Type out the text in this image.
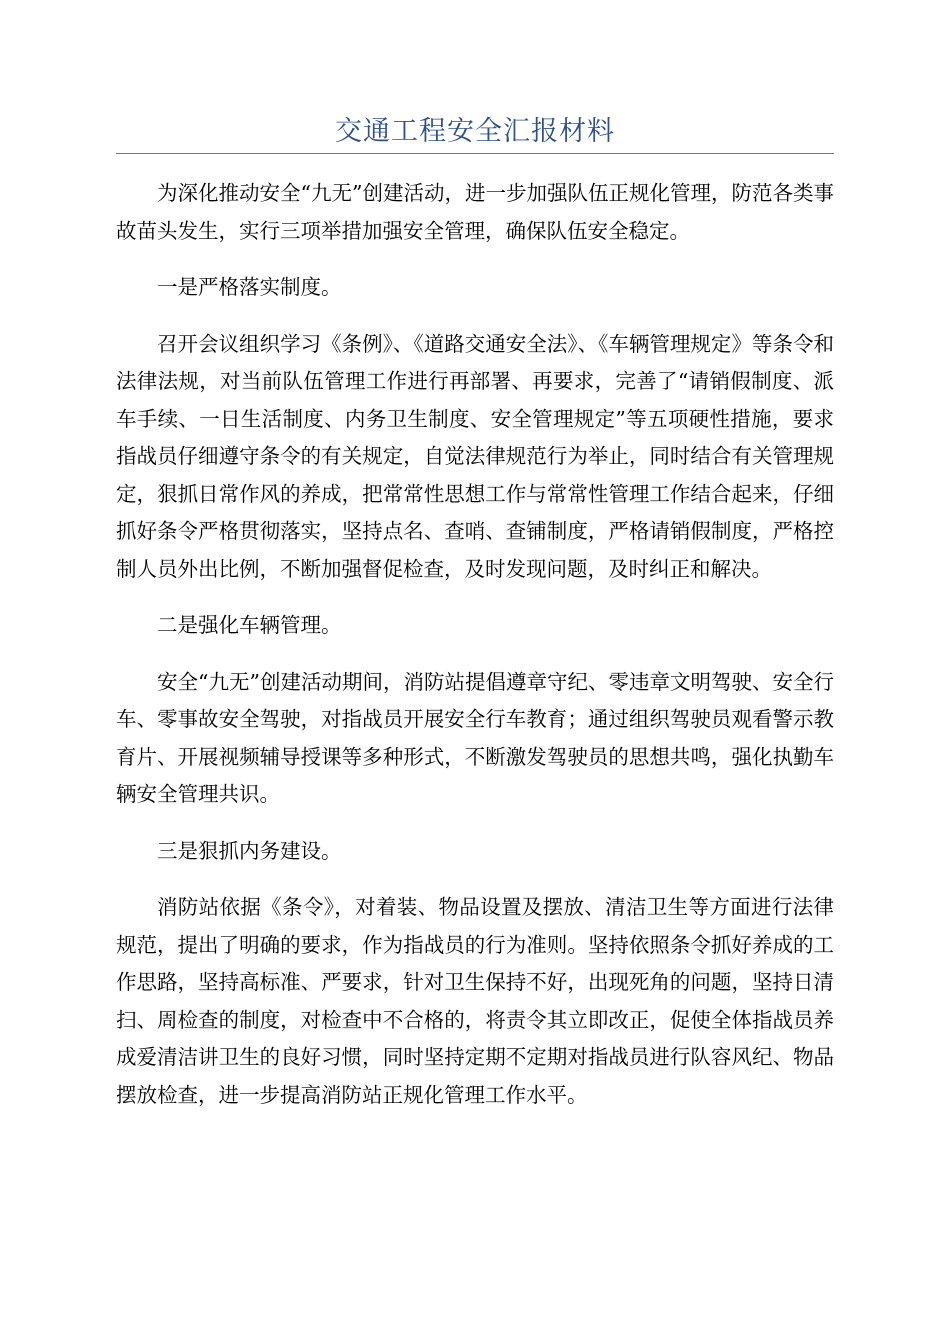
交通工程安全汇报材料

为深化推动安全“九无”创建活动，进一步加强队伍正规化管理，防范各类事故苗头发生，实行三项举措加强安全管理，确保队伍安全稳定。

一是严格落实制度。

召开会议组织学习《条例》、《道路交通安全法》、《车辆管理规定》等条令和法律法规，对当前队伍管理工作进行再部署、再要求，完善了“请销假制度、派车手续、一日生活制度、内务卫生制度、安全管理规定”等五项硬性措施，要求指战员仔细遵守条令的有关规定，自觉法律规范行为举止，同时结合有关管理规定，狠抓日常作风的养成，把常常性思想工作与常常性管理工作结合起来，仔细抓好条令严格贯彻落实，坚持点名、查哨、查铺制度，严格请销假制度，严格控制人员外出比例，不断加强督促检查，及时发现问题，及时纠正和解决。

二是强化车辆管理。

安全“九无”创建活动期间，消防站提倡遵章守纪、零违章文明驾驶、安全行车、零事故安全驾驶，对指战员开展安全行车教育；通过组织驾驶员观看警示教育片、开展视频辅导授课等多种形式，不断激发驾驶员的思想共鸣，强化执勤车辆安全管理共识。

三是狠抓内务建设。

消防站依据《条令》，对着装、物品设置及摆放、清洁卫生等方面进行法律规范，提出了明确的要求，作为指战员的行为准则。坚持依照条令抓好养成的工作思路，坚持高标准、严要求，针对卫生保持不好，出现死角的问题，坚持日清扫、周检查的制度，对检查中不合格的，将责令其立即改正，促使全体指战员养成爱清洁讲卫生的良好习惯，同时坚持定期不定期对指战员进行队容风纪、物品摆放检查，进一步提高消防站正规化管理工作水平。
